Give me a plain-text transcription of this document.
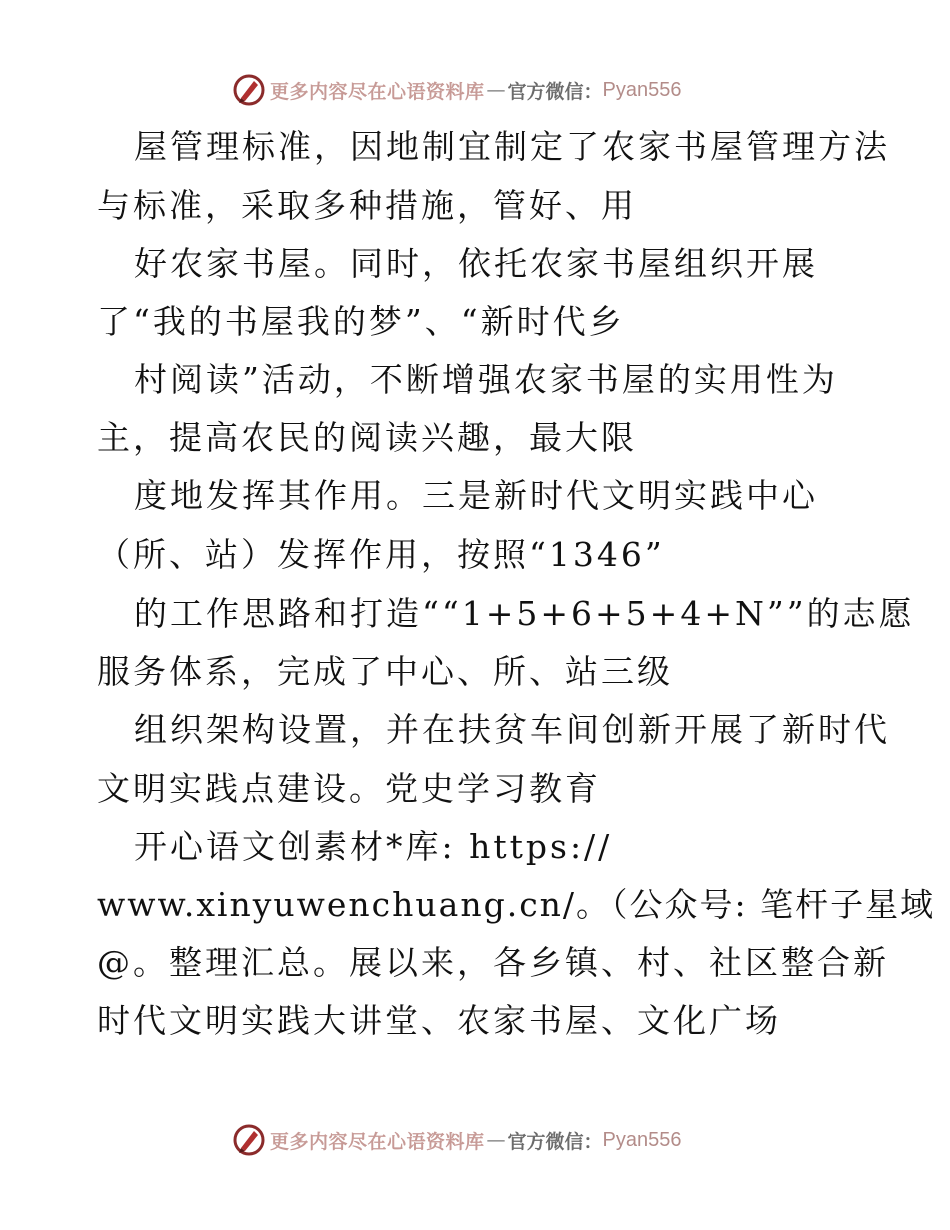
更多内容尽在心语资料库 — 官方微信： Pyan556
屋管理标准，因地制宜制定了农家书屋管理方法
与标准，采取多种措施，管好、用
好农家书屋。同时，依托农家书屋组织开展
了“我的书屋我的梦”、“新时代乡
村阅读”活动，不断增强农家书屋的实用性为
主，提高农民的阅读兴趣，最大限
度地发挥其作用。三是新时代文明实践中心
（所、站）发挥作用，按照“1346”
的工作思路和打造““1+5+6+5+4+N””的志愿
服务体系，完成了中心、所、站三级
组织架构设置，并在扶贫车间创新开展了新时代
文明实践点建设。党史学习教育
开心语文创素材*库: https://
www.xinyuwenchuang.cn/。（公众号: 笔杆子星域
@。整理汇总。展以来，各乡镇、村、社区整合新
时代文明实践大讲堂、农家书屋、文化广场
更多内容尽在心语资料库 — 官方微信： Pyan556
